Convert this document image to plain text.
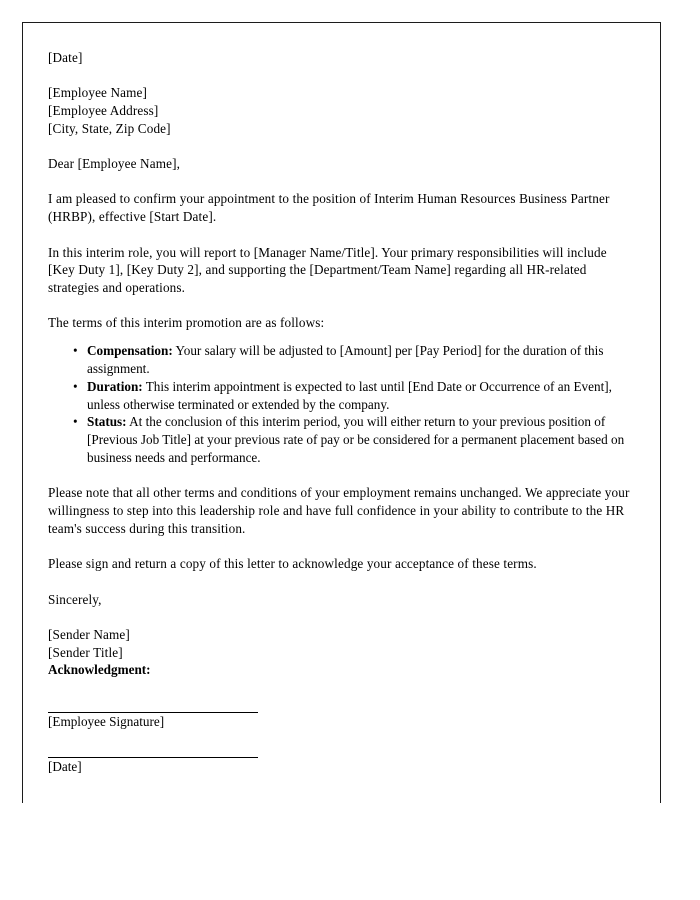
[Date]

[Employee Name]

[Employee Address]

[City, State, Zip Code]

Dear [Employee Name],

I am pleased to confirm your appointment to the position of Interim Human Resources Business Partner (HRBP), effective [Start Date].

In this interim role, you will report to [Manager Name/Title]. Your primary responsibilities will include [Key Duty 1], [Key Duty 2], and supporting the [Department/Team Name] regarding all HR-related strategies and operations.

The terms of this interim promotion are as follows:

• Compensation: Your salary will be adjusted to [Amount] per [Pay Period] for the duration of this assignment.
• Duration: This interim appointment is expected to last until [End Date or Occurrence of an Event], unless otherwise terminated or extended by the company.
• Status: At the conclusion of this interim period, you will either return to your previous position of [Previous Job Title] at your previous rate of pay or be considered for a permanent placement based on business needs and performance.

Please note that all other terms and conditions of your employment remains unchanged. We appreciate your willingness to step into this leadership role and have full confidence in your ability to contribute to the HR team's success during this transition.

Please sign and return a copy of this letter to acknowledge your acceptance of these terms.

Sincerely,

[Sender Name]

[Sender Title]

Acknowledgment:

[Employee Signature]

[Date]
